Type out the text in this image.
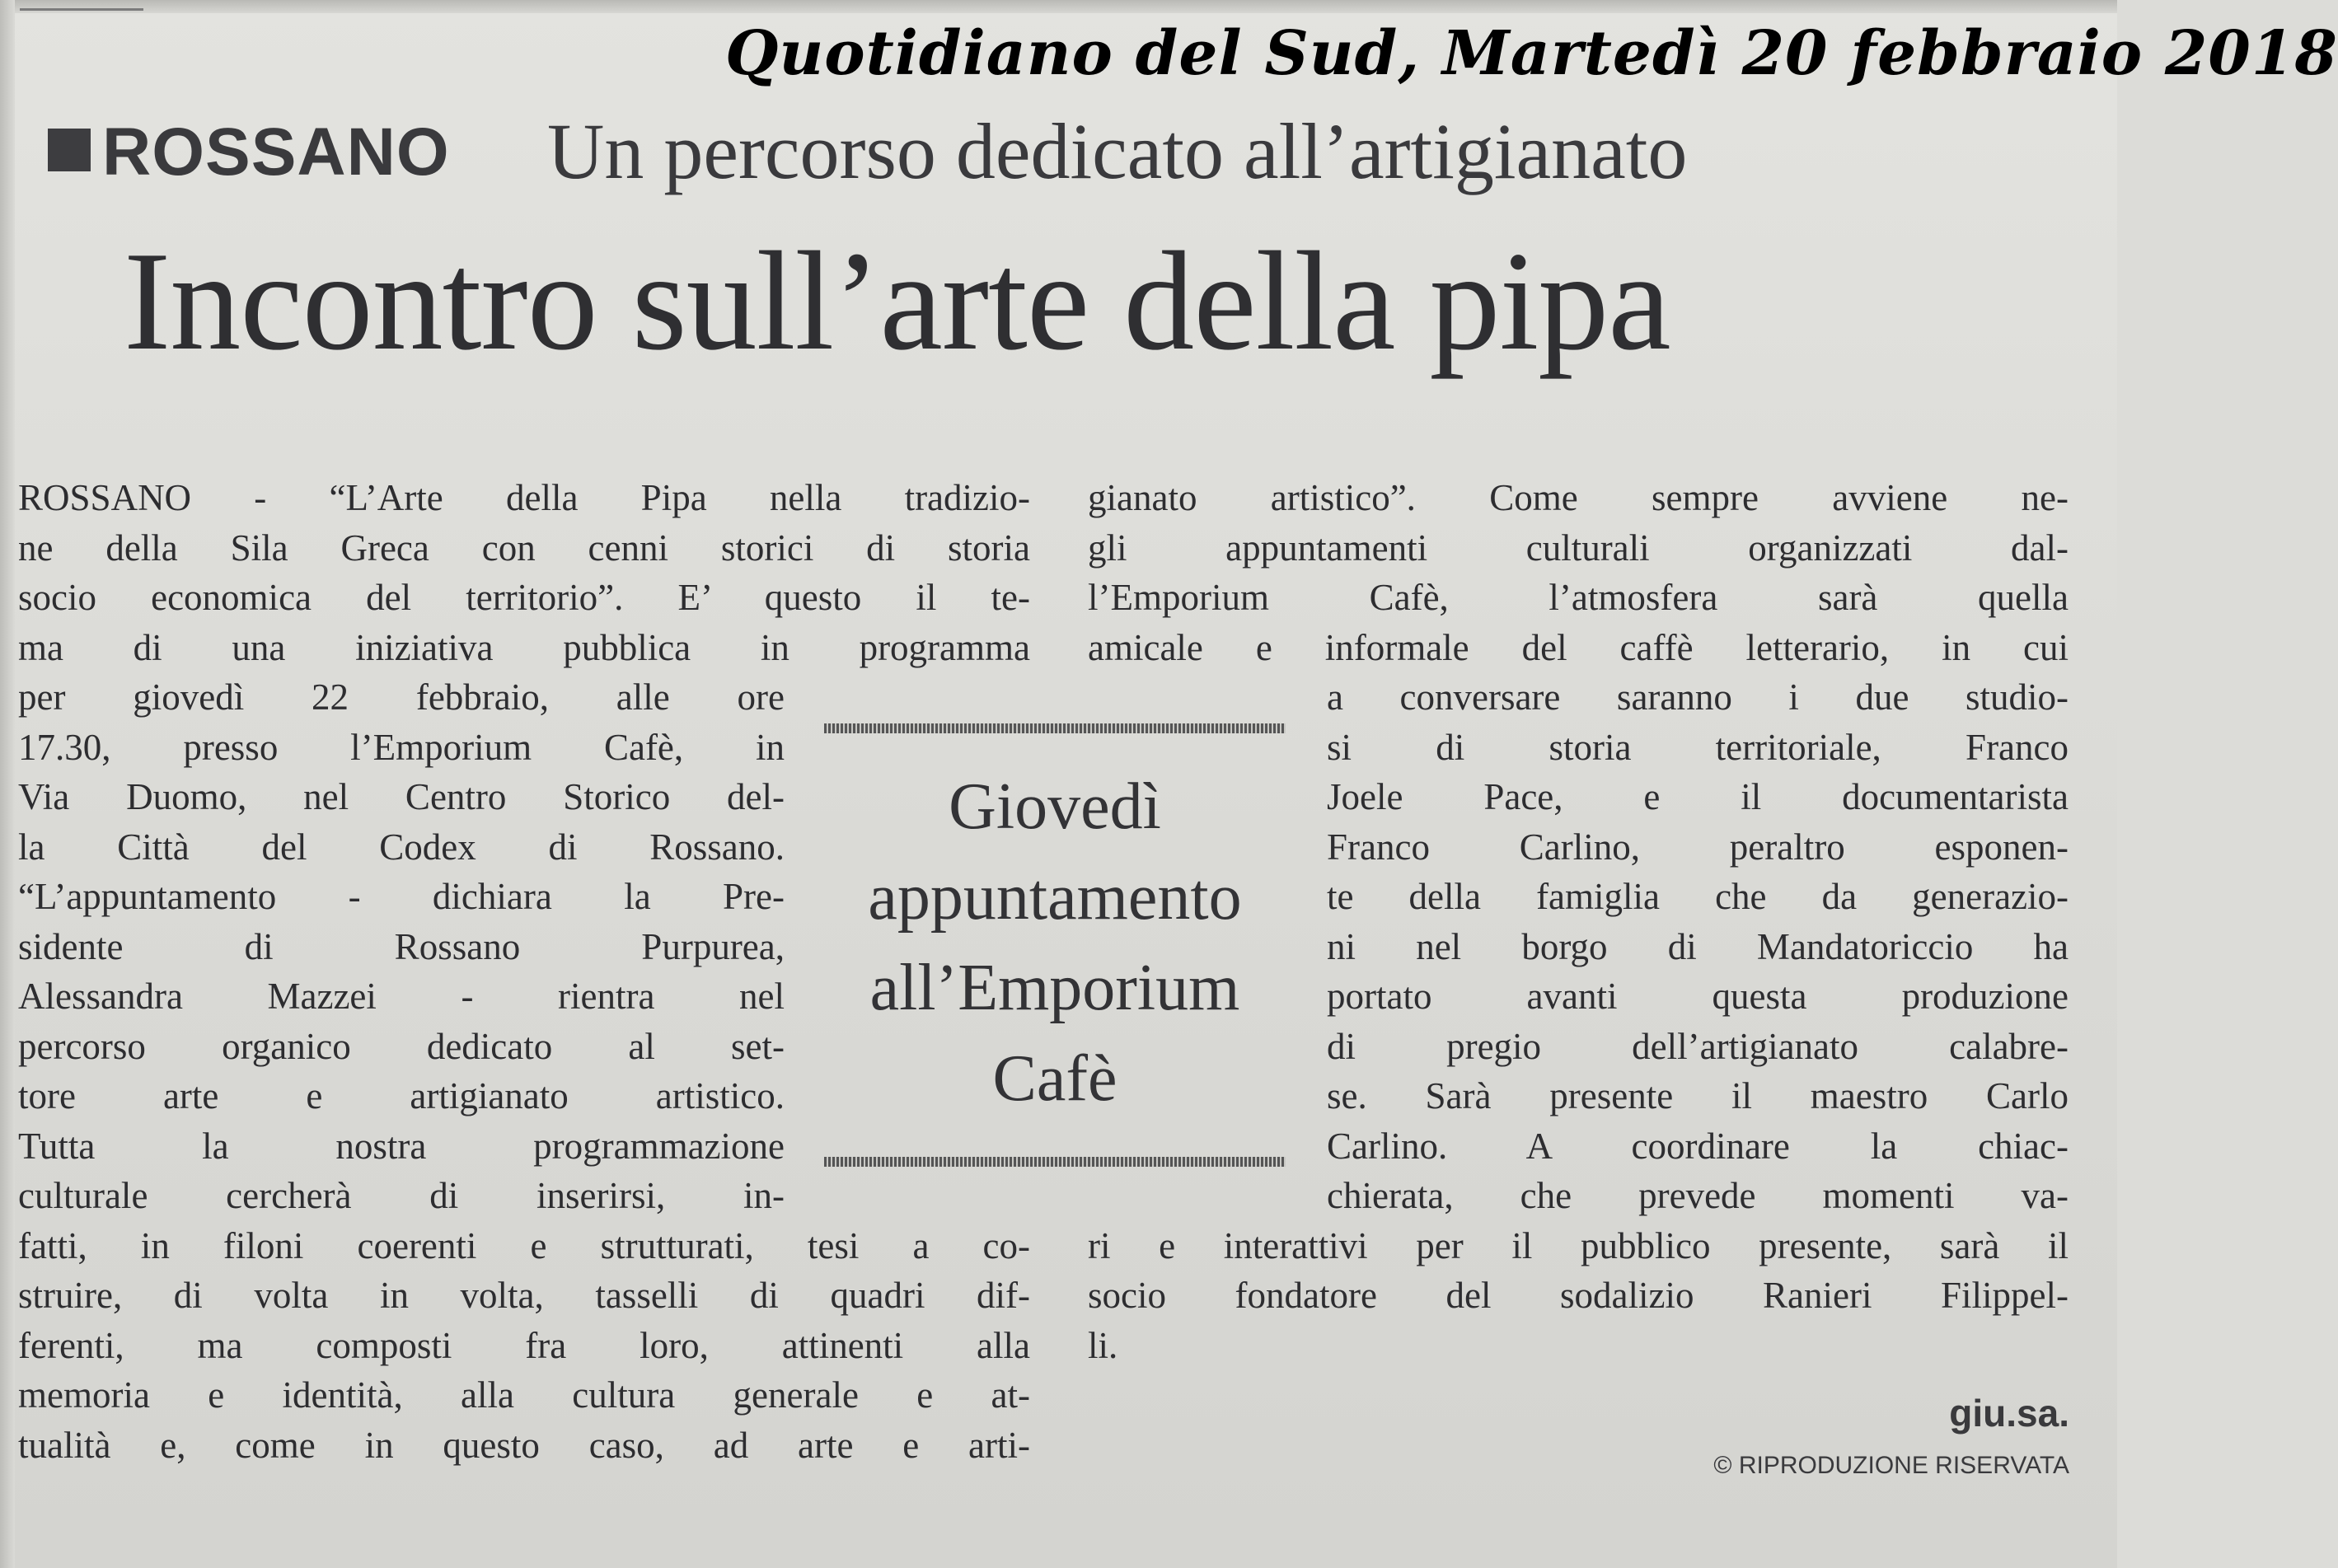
Quotidiano del Sud, Martedì 20 febbraio 2018
ROSSANO Un percorso dedicato all’artigianato
Incontro sull’arte della pipa

ROSSANO - “L’Arte della Pipa nella tradizio-

ne della Sila Greca con cenni storici di storia

socio economica del territorio”. E’ questo il te-

ma di una iniziativa pubblica in programma

per giovedì 22 febbraio, alle ore

17.30, presso l’Emporium Cafè, in

Via Duomo, nel Centro Storico del-

la Città del Codex di Rossano.

“L’appuntamento - dichiara la Pre-

sidente di Rossano Purpurea,

Alessandra Mazzei - rientra nel

percorso organico dedicato al set-

tore arte e artigianato artistico.

Tutta la nostra programmazione

culturale cercherà di inserirsi, in-

fatti, in filoni coerenti e strutturati, tesi a co-

struire, di volta in volta, tasselli di quadri dif-

ferenti, ma composti fra loro, attinenti alla

memoria e identità, alla cultura generale e at-

tualità e, come in questo caso, ad arte e arti-

gianato artistico”. Come sempre avviene ne-

gli appuntamenti culturali organizzati dal-

l’Emporium Cafè, l’atmosfera sarà quella

amicale e informale del caffè letterario, in cui

a conversare saranno i due studio-

si di storia territoriale, Franco

Joele Pace, e il documentarista

Franco Carlino, peraltro esponen-

te della famiglia che da generazio-

ni nel borgo di Mandatoriccio ha

portato avanti questa produzione

di pregio dell’artigianato calabre-

se. Sarà presente il maestro Carlo

Carlino. A coordinare la chiac-

chierata, che prevede momenti va-

ri e interattivi per il pubblico presente, sarà il

socio fondatore del sodalizio Ranieri Filippel-

li.

Giovedì
appuntamento
all’Emporium
Cafè
giu.sa.
© RIPRODUZIONE RISERVATA
